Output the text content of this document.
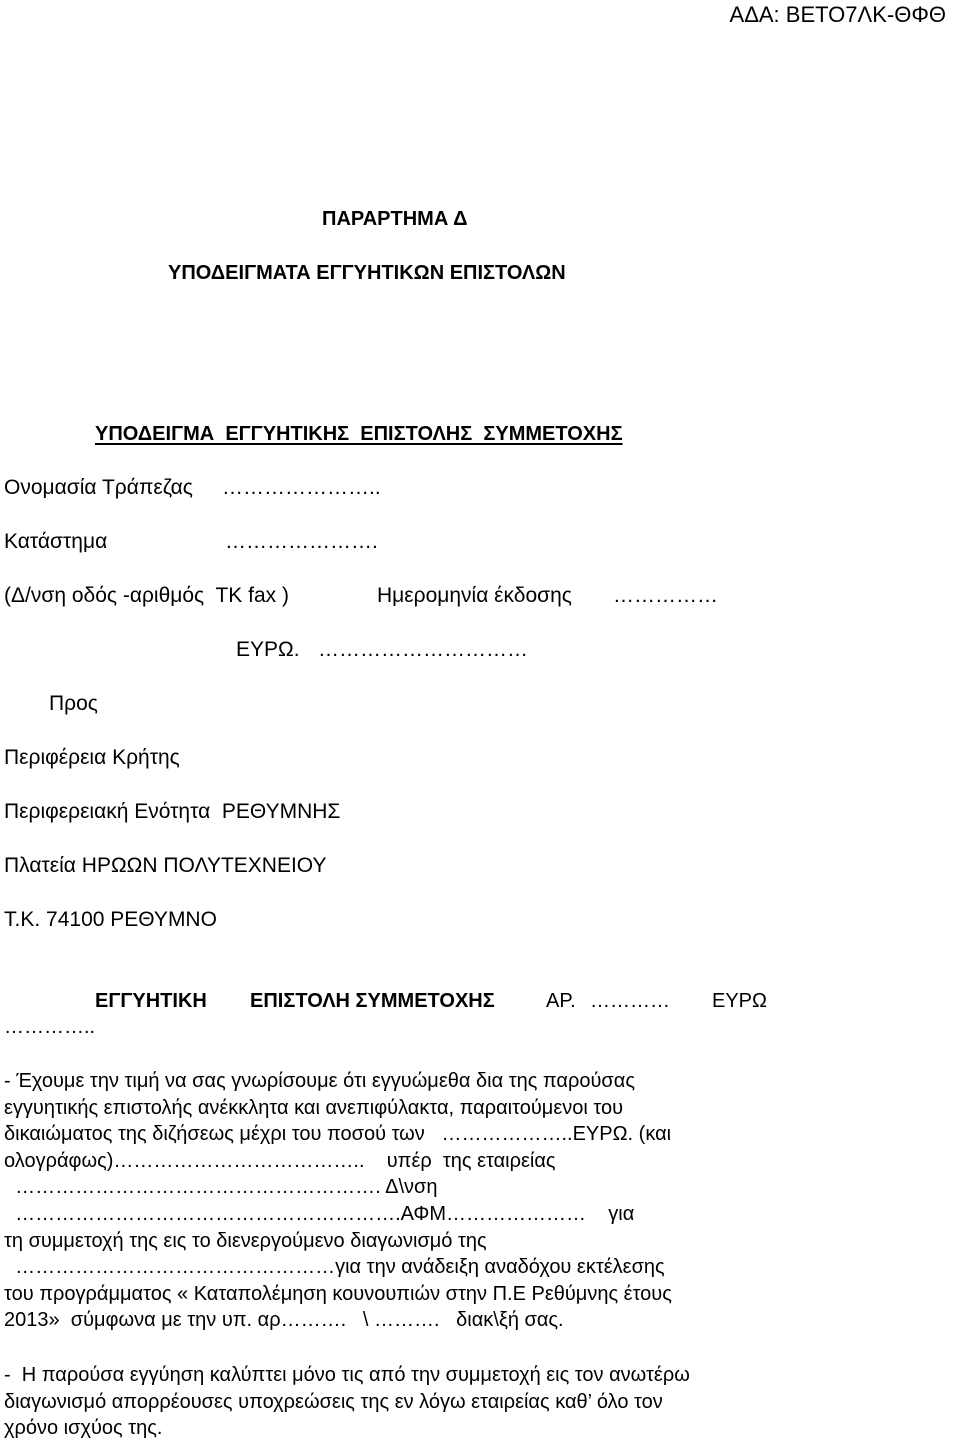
ΑΔΑ: ΒΕΤΟ7ΛΚ-ΘΦΘ
ΠΑΡΑΡΤΗΜΑ Δ
ΥΠΟΔΕΙΓΜΑΤΑ ΕΓΓΥΗΤΙΚΩΝ ΕΠΙΣΤΟΛΩΝ
ΥΠΟΔΕΙΓΜΑ  ΕΓΓΥΗΤΙΚΗΣ  ΕΠΙΣΤΟΛΗΣ  ΣΥΜΜΕΤΟΧΗΣ
Ονομασία Τράπεζας …………………..
Κατάστημα	………………….
(Δ/νση οδός -αριθμός  ΤΚ fax )	Ημερομηνία έκδοσης ……………
ΕΥΡΩ. …………………………
Προς
Περιφέρεια Κρήτης
Περιφερειακή Ενότητα  ΡΕΘΥΜΝΗΣ
Πλατεία ΗΡΩΩΝ ΠΟΛΥΤΕΧΝΕΙΟΥ
Τ.Κ. 74100 ΡΕΘΥΜΝΟ
ΕΓΓΥΗΤΙΚΗ ΕΠΙΣΤΟΛΗ ΣΥΜΜΕΤΟΧΗΣ	ΑΡ. ………… ΕΥΡΩ
…………..
- Έχουμε την τιμή να σας γνωρίσουμε ότι εγγυώμεθα δια της παρούσας
εγγυητικής επιστολής ανέκκλητα και ανεπιφύλακτα, παραιτούμενοι του
δικαιώματος της διζήσεως μέχρι του ποσού των   ………………..ΕΥΡΩ. (και
ολογράφως)………………………………..    υπέρ  της εταιρείας
………………………………………………. Δ\νση
………………………………………………….ΑΦΜ…………………    για
τη συμμετοχή της εις το διενεργούμενο διαγωνισμό της
…………………………………………για την ανάδειξη αναδόχου εκτέλεσης
του προγράμματος « Καταπολέμηση κουνουπιών στην Π.Ε Ρεθύμνης έτους
2013»  σύμφωνα με την υπ. αρ……….   \ ……….   διακ\ξή σας.
-  Η παρούσα εγγύηση καλύπτει μόνο τις από την συμμετοχή εις τον ανωτέρω
διαγωνισμό απορρέουσες υποχρεώσεις της εν λόγω εταιρείας καθ’ όλο τον
χρόνο ισχύος της.
